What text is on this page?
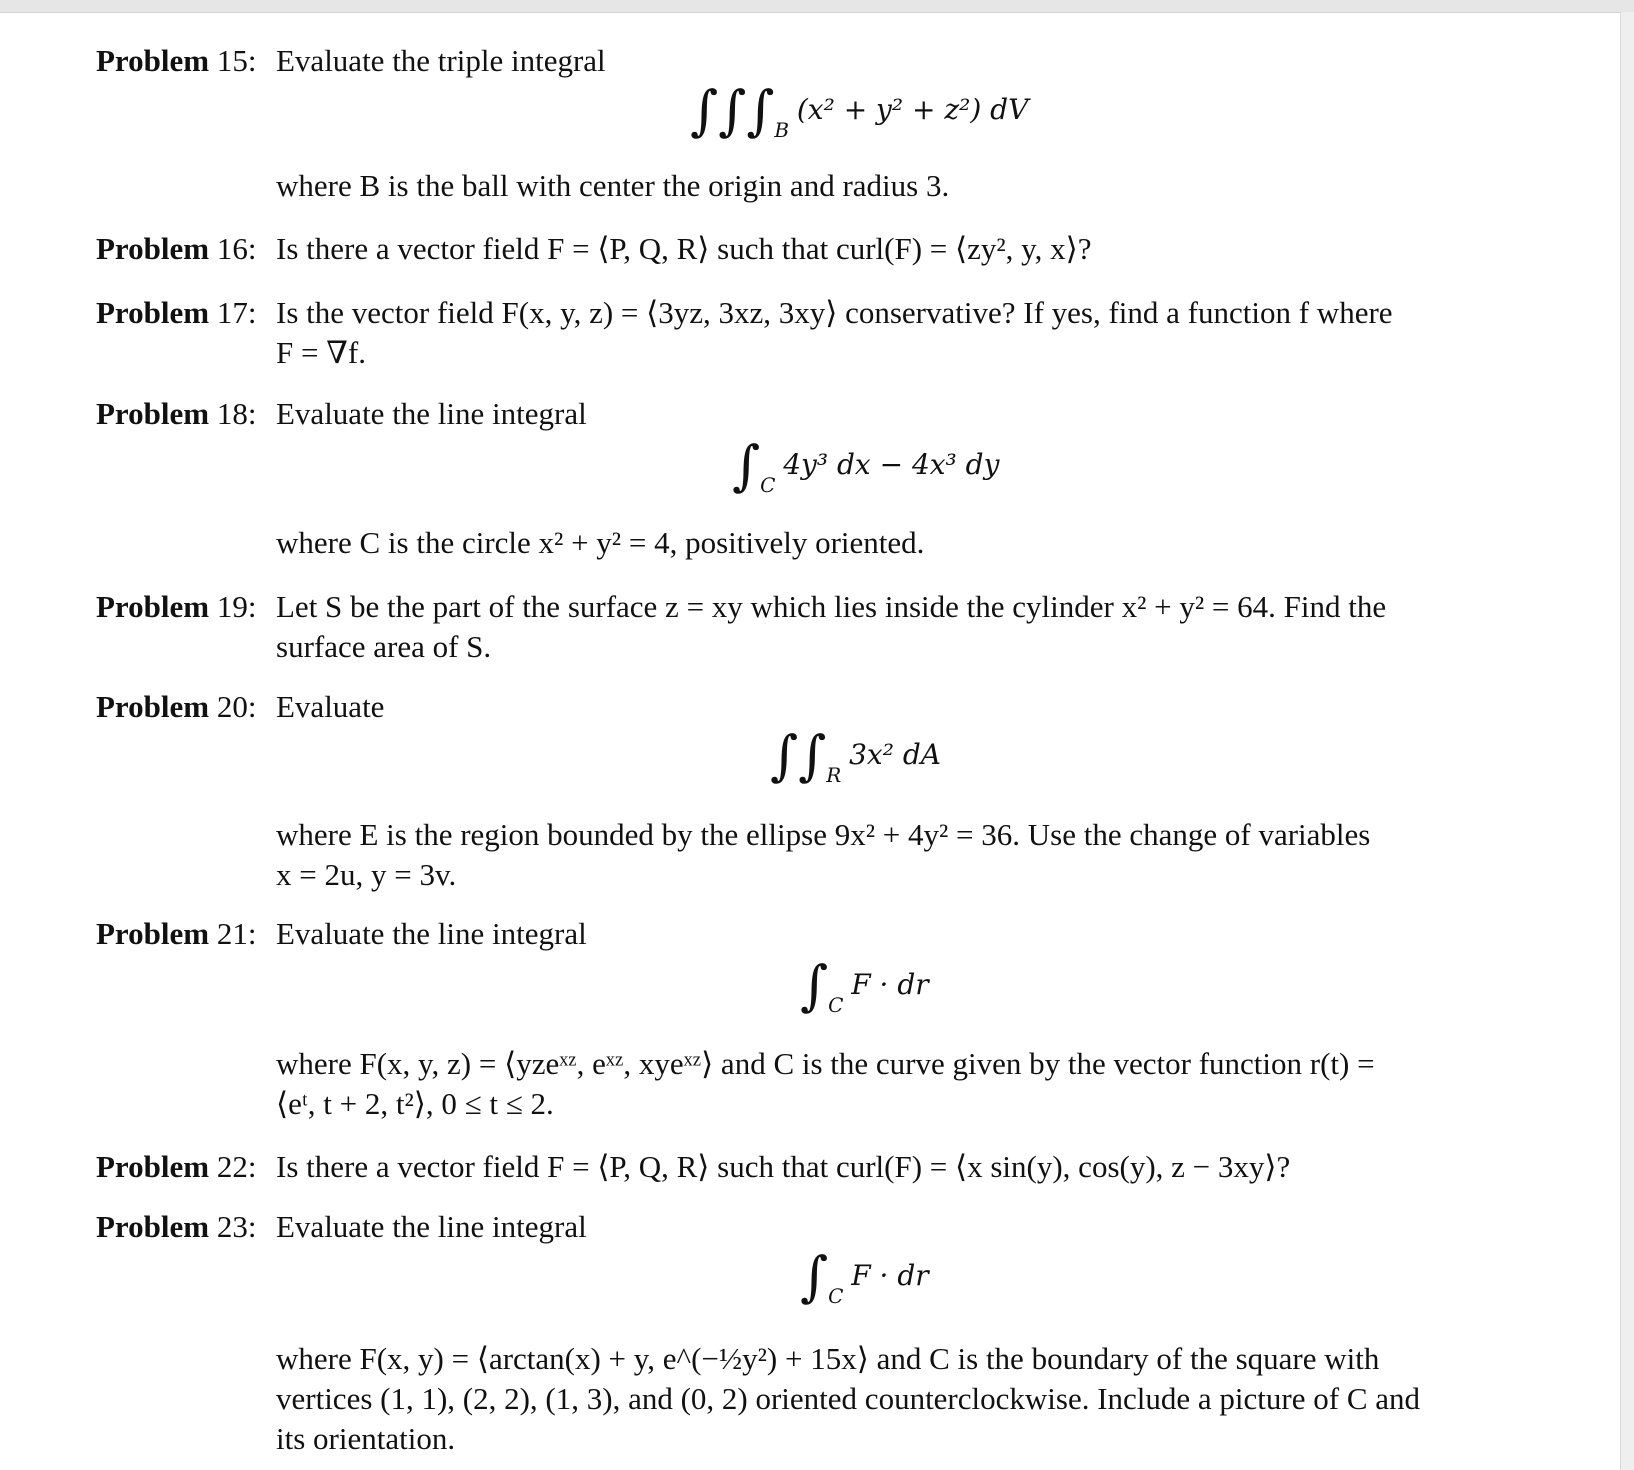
Problem 15: Evaluate the triple integral
$\int\int\int_B$ (x² + y² + z²) dV
where B is the ball with center the origin and radius 3.
Problem 16: Is there a vector field F = ⟨P, Q, R⟩ such that curl(F) = ⟨zy², y, x⟩?
Problem 17: Is the vector field F(x, y, z) = ⟨3yz, 3xz, 3xy⟩ conservative? If yes, find a function f where
F = ∇f.
Problem 18: Evaluate the line integral
$\int_C$ 4y³ dx − 4x³ dy
where C is the circle x² + y² = 4, positively oriented.
Problem 19: Let S be the part of the surface z = xy which lies inside the cylinder x² + y² = 64. Find the
surface area of S.
Problem 20: Evaluate
$\int\int_R$ 3x² dA
where E is the region bounded by the ellipse 9x² + 4y² = 36. Use the change of variables
x = 2u, y = 3v.
Problem 21: Evaluate the line integral
$\int_C$ F · dr
where F(x, y, z) = ⟨yzeˣᶻ, eˣᶻ, xyeˣᶻ⟩ and C is the curve given by the vector function r(t) =
⟨eᵗ, t + 2, t²⟩, 0 ≤ t ≤ 2.
Problem 22: Is there a vector field F = ⟨P, Q, R⟩ such that curl(F) = ⟨x sin(y), cos(y), z − 3xy⟩?
Problem 23: Evaluate the line integral
$\int_C$ F · dr
where F(x, y) = ⟨arctan(x) + y, e^(−½y²) + 15x⟩ and C is the boundary of the square with
vertices (1, 1), (2, 2), (1, 3), and (0, 2) oriented counterclockwise. Include a picture of C and
its orientation.
